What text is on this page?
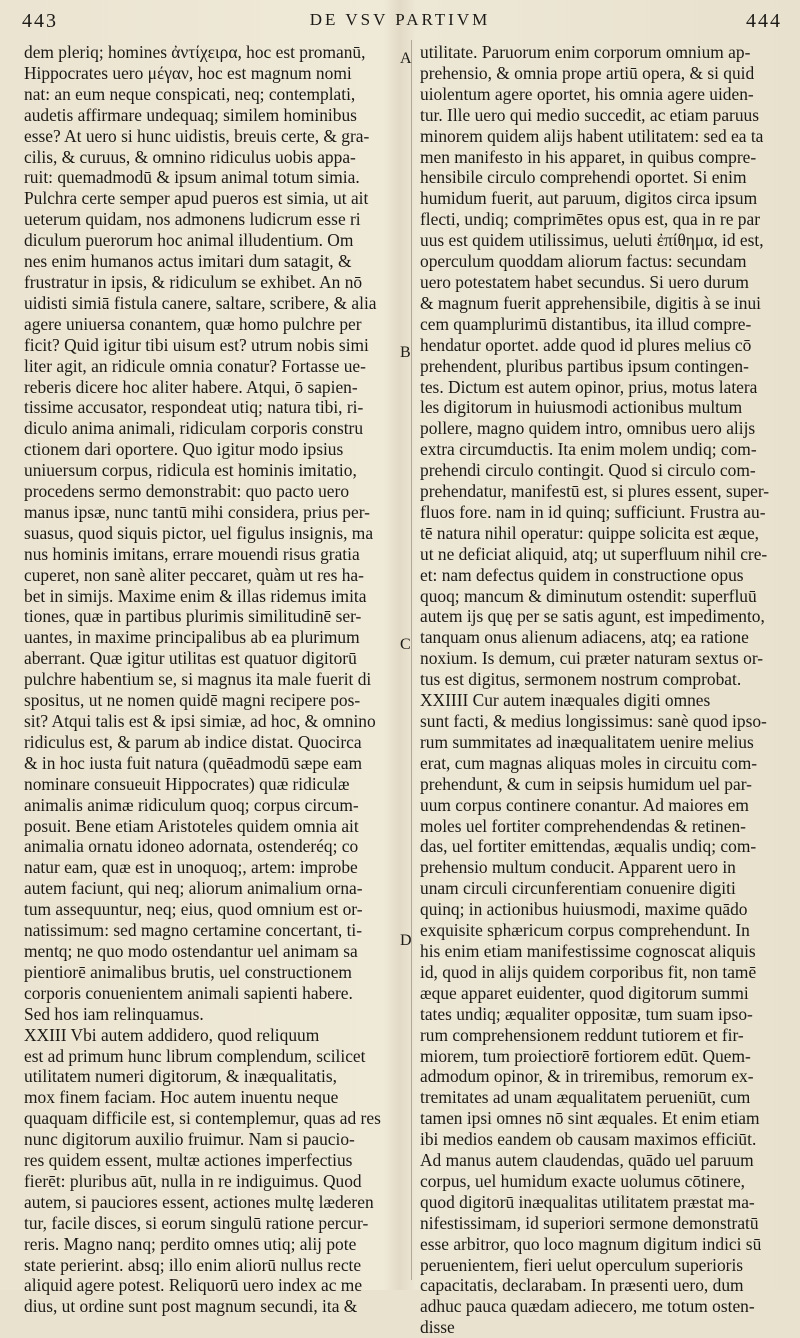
443	DE VSV PARTIVM	444
A
B
C
D
dem pleriq; homines ἀντίχειρα, hoc est promanū,
Hippocrates uero μέγαν, hoc est magnum nomi
nat: an eum neque conspicati, neq; contemplati,
audetis affirmare undequaq; similem hominibus
esse? At uero si hunc uidistis, breuis certe, & gra-
cilis, & curuus, & omnino ridiculus uobis appa-
ruit: quemadmodū & ipsum animal totum simia.
Pulchra certe semper apud pueros est simia, ut ait
ueterum quidam, nos admonens ludicrum esse ri
diculum puerorum hoc animal illudentium. Om
nes enim humanos actus imitari dum satagit, &
frustratur in ipsis, & ridiculum se exhibet. An nō
uidisti simiā fistula canere, saltare, scribere, & alia
agere uniuersa conantem, quæ homo pulchre per
ficit? Quid igitur tibi uisum est? utrum nobis simi
liter agit, an ridicule omnia conatur? Fortasse ue-
reberis dicere hoc aliter habere. Atqui, ō sapien-
tissime accusator, respondeat utiq; natura tibi, ri-
diculo anima animali, ridiculam corporis constru
ctionem dari oportere. Quo igitur modo ipsius
uniuersum corpus, ridicula est hominis imitatio,
procedens sermo demonstrabit: quo pacto uero
manus ipsæ, nunc tantū mihi considera, prius per-
suasus, quod siquis pictor, uel figulus insignis, ma
nus hominis imitans, errare mouendi risus gratia
cuperet, non sanè aliter peccaret, quàm ut res ha-
bet in simijs. Maxime enim & illas ridemus imita
tiones, quæ in partibus plurimis similitudinē ser-
uantes, in maxime principalibus ab ea plurimum
aberrant. Quæ igitur utilitas est quatuor digitorū
pulchre habentium se, si magnus ita male fuerit di
spositus, ut ne nomen quidē magni recipere pos-
sit? Atqui talis est & ipsi simiæ, ad hoc, & omnino
ridiculus est, & parum ab indice distat. Quocirca
& in hoc iusta fuit natura (quēadmodū sæpe eam
nominare consueuit Hippocrates) quæ ridiculæ
animalis animæ ridiculum quoq; corpus circum-
posuit. Bene etiam Aristoteles quidem omnia ait
animalia ornatu idoneo adornata, ostenderéq; co
natur eam, quæ est in unoquoq;, artem: improbe
autem faciunt, qui neq; aliorum animalium orna-
tum assequuntur, neq; eius, quod omnium est or-
natissimum: sed magno certamine concertant, ti-
mentq; ne quo modo ostendantur uel animam sa
pientiorē animalibus brutis, uel constructionem
corporis conuenientem animali sapienti habere.
Sed hos iam relinquamus.
XXIII Vbi autem addidero, quod reliquum
est ad primum hunc librum complendum, scilicet
utilitatem numeri digitorum, & inæqualitatis,
mox finem faciam. Hoc autem inuentu neque
quaquam difficile est, si contemplemur, quas ad res
nunc digitorum auxilio fruimur. Nam si paucio-
res quidem essent, multæ actiones imperfectius
fierēt: pluribus aūt, nulla in re indiguimus. Quod
autem, si pauciores essent, actiones multę læderen
tur, facile disces, si eorum singulū ratione percur-
reris. Magno nanq; perdito omnes utiq; alij pote
state perierint. absq; illo enim aliorū nullus recte
aliquid agere potest. Reliquorū uero index ac me
dius, ut ordine sunt post magnum secundi, ita &
utilitate. Paruorum enim corporum omnium ap-
prehensio, & omnia prope artiū opera, & si quid
uiolentum agere oportet, his omnia agere uiden-
tur. Ille uero qui medio succedit, ac etiam paruus
minorem quidem alijs habent utilitatem: sed ea ta
men manifesto in his apparet, in quibus compre-
hensibile circulo comprehendi oportet. Si enim
humidum fuerit, aut paruum, digitos circa ipsum
flecti, undiq; comprimētes opus est, qua in re par
uus est quidem utilissimus, ueluti ἐπίθημα, id est,
operculum quoddam aliorum factus: secundam
uero potestatem habet secundus. Si uero durum
& magnum fuerit apprehensibile, digitis à se inui
cem quamplurimū distantibus, ita illud compre-
hendatur oportet. adde quod id plures melius cō
prehendent, pluribus partibus ipsum contingen-
tes. Dictum est autem opinor, prius, motus latera
les digitorum in huiusmodi actionibus multum
pollere, magno quidem intro, omnibus uero alijs
extra circumductis. Ita enim molem undiq; com-
prehendi circulo contingit. Quod si circulo com-
prehendatur, manifestū est, si plures essent, super-
fluos fore. nam in id quinq; sufficiunt. Frustra au-
tē natura nihil operatur: quippe solicita est æque,
ut ne deficiat aliquid, atq; ut superfluum nihil cre-
et: nam defectus quidem in constructione opus
quoq; mancum & diminutum ostendit: superfluū
autem ijs quę per se satis agunt, est impedimento,
tanquam onus alienum adiacens, atq; ea ratione
noxium. Is demum, cui præter naturam sextus or-
tus est digitus, sermonem nostrum comprobat.
XXIIII Cur autem inæquales digiti omnes
sunt facti, & medius longissimus: sanè quod ipso-
rum summitates ad inæqualitatem uenire melius
erat, cum magnas aliquas moles in circuitu com-
prehendunt, & cum in seipsis humidum uel par-
uum corpus continere conantur. Ad maiores em
moles uel fortiter comprehendendas & retinen-
das, uel fortiter emittendas, æqualis undiq; com-
prehensio multum conducit. Apparent uero in
unam circuli circunferentiam conuenire digiti
quinq; in actionibus huiusmodi, maxime quādo
exquisite sphæricum corpus comprehendunt. In
his enim etiam manifestissime cognoscat aliquis
id, quod in alijs quidem corporibus fit, non tamē
æque apparet euidenter, quod digitorum summi
tates undiq; æqualiter oppositæ, tum suam ipso-
rum comprehensionem reddunt tutiorem et fir-
miorem, tum proiectiorē fortiorem edūt. Quem-
admodum opinor, & in triremibus, remorum ex-
tremitates ad unam æqualitatem perueniūt, cum
tamen ipsi omnes nō sint æquales. Et enim etiam
ibi medios eandem ob causam maximos efficiūt.
Ad manus autem claudendas, quādo uel paruum
corpus, uel humidum exacte uolumus cōtinere,
quod digitorū inæqualitas utilitatem præstat ma-
nifestissimam, id superiori sermone demonstratū
esse arbitror, quo loco magnum digitum indici sū
peruenientem, fieri uelut operculum superioris
capacitatis, declarabam. In præsenti uero, dum
adhuc pauca quædam adiecero, me totum osten-
disse
